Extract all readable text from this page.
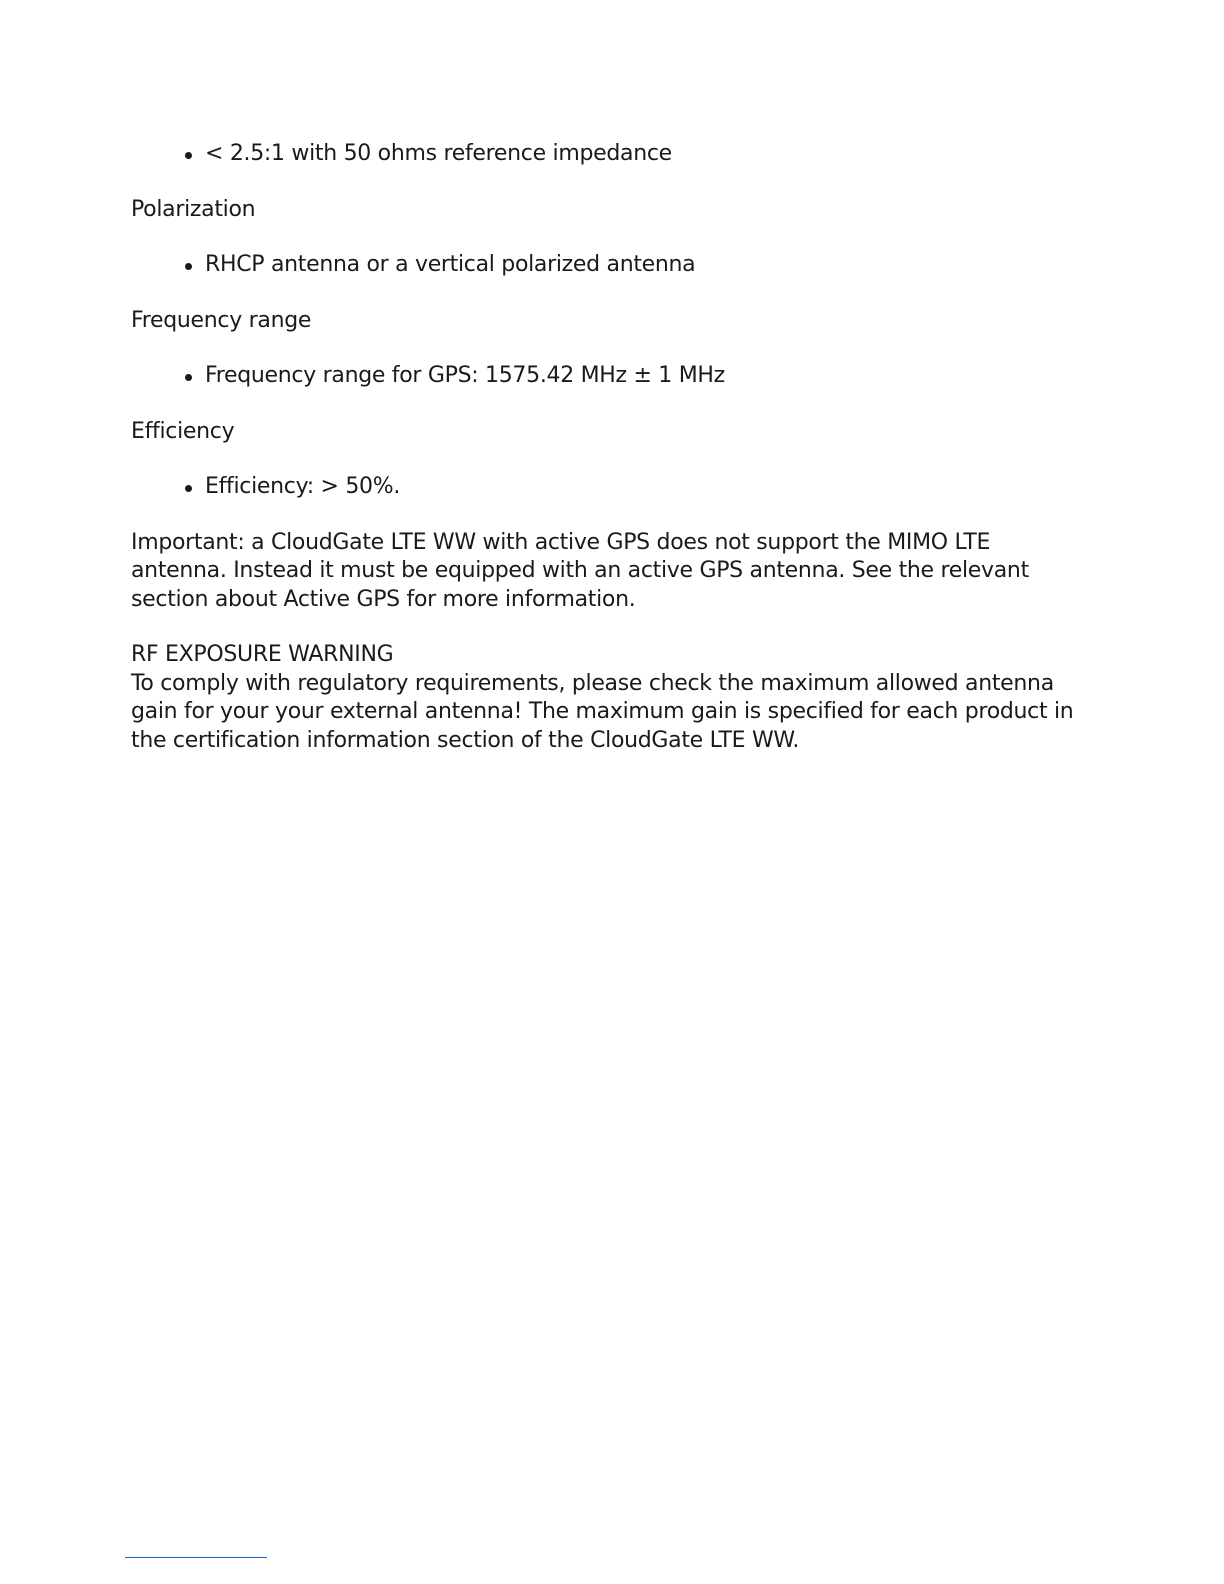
< 2.5:1 with 50 ohms reference impedance

Polarization

RHCP antenna or a vertical polarized antenna

Frequency range

Frequency range for GPS: 1575.42 MHz ± 1 MHz

Efficiency

Efficiency: > 50%.

Important: a CloudGate LTE WW with active GPS does not support the MIMO LTE antenna. Instead it must be equipped with an active GPS antenna. See the relevant section about Active GPS for more information.

RF EXPOSURE WARNING

To comply with regulatory requirements, please check the maximum allowed antenna gain for your your external antenna! The maximum gain is specified for each product in the certification information section of the CloudGate LTE WW.
